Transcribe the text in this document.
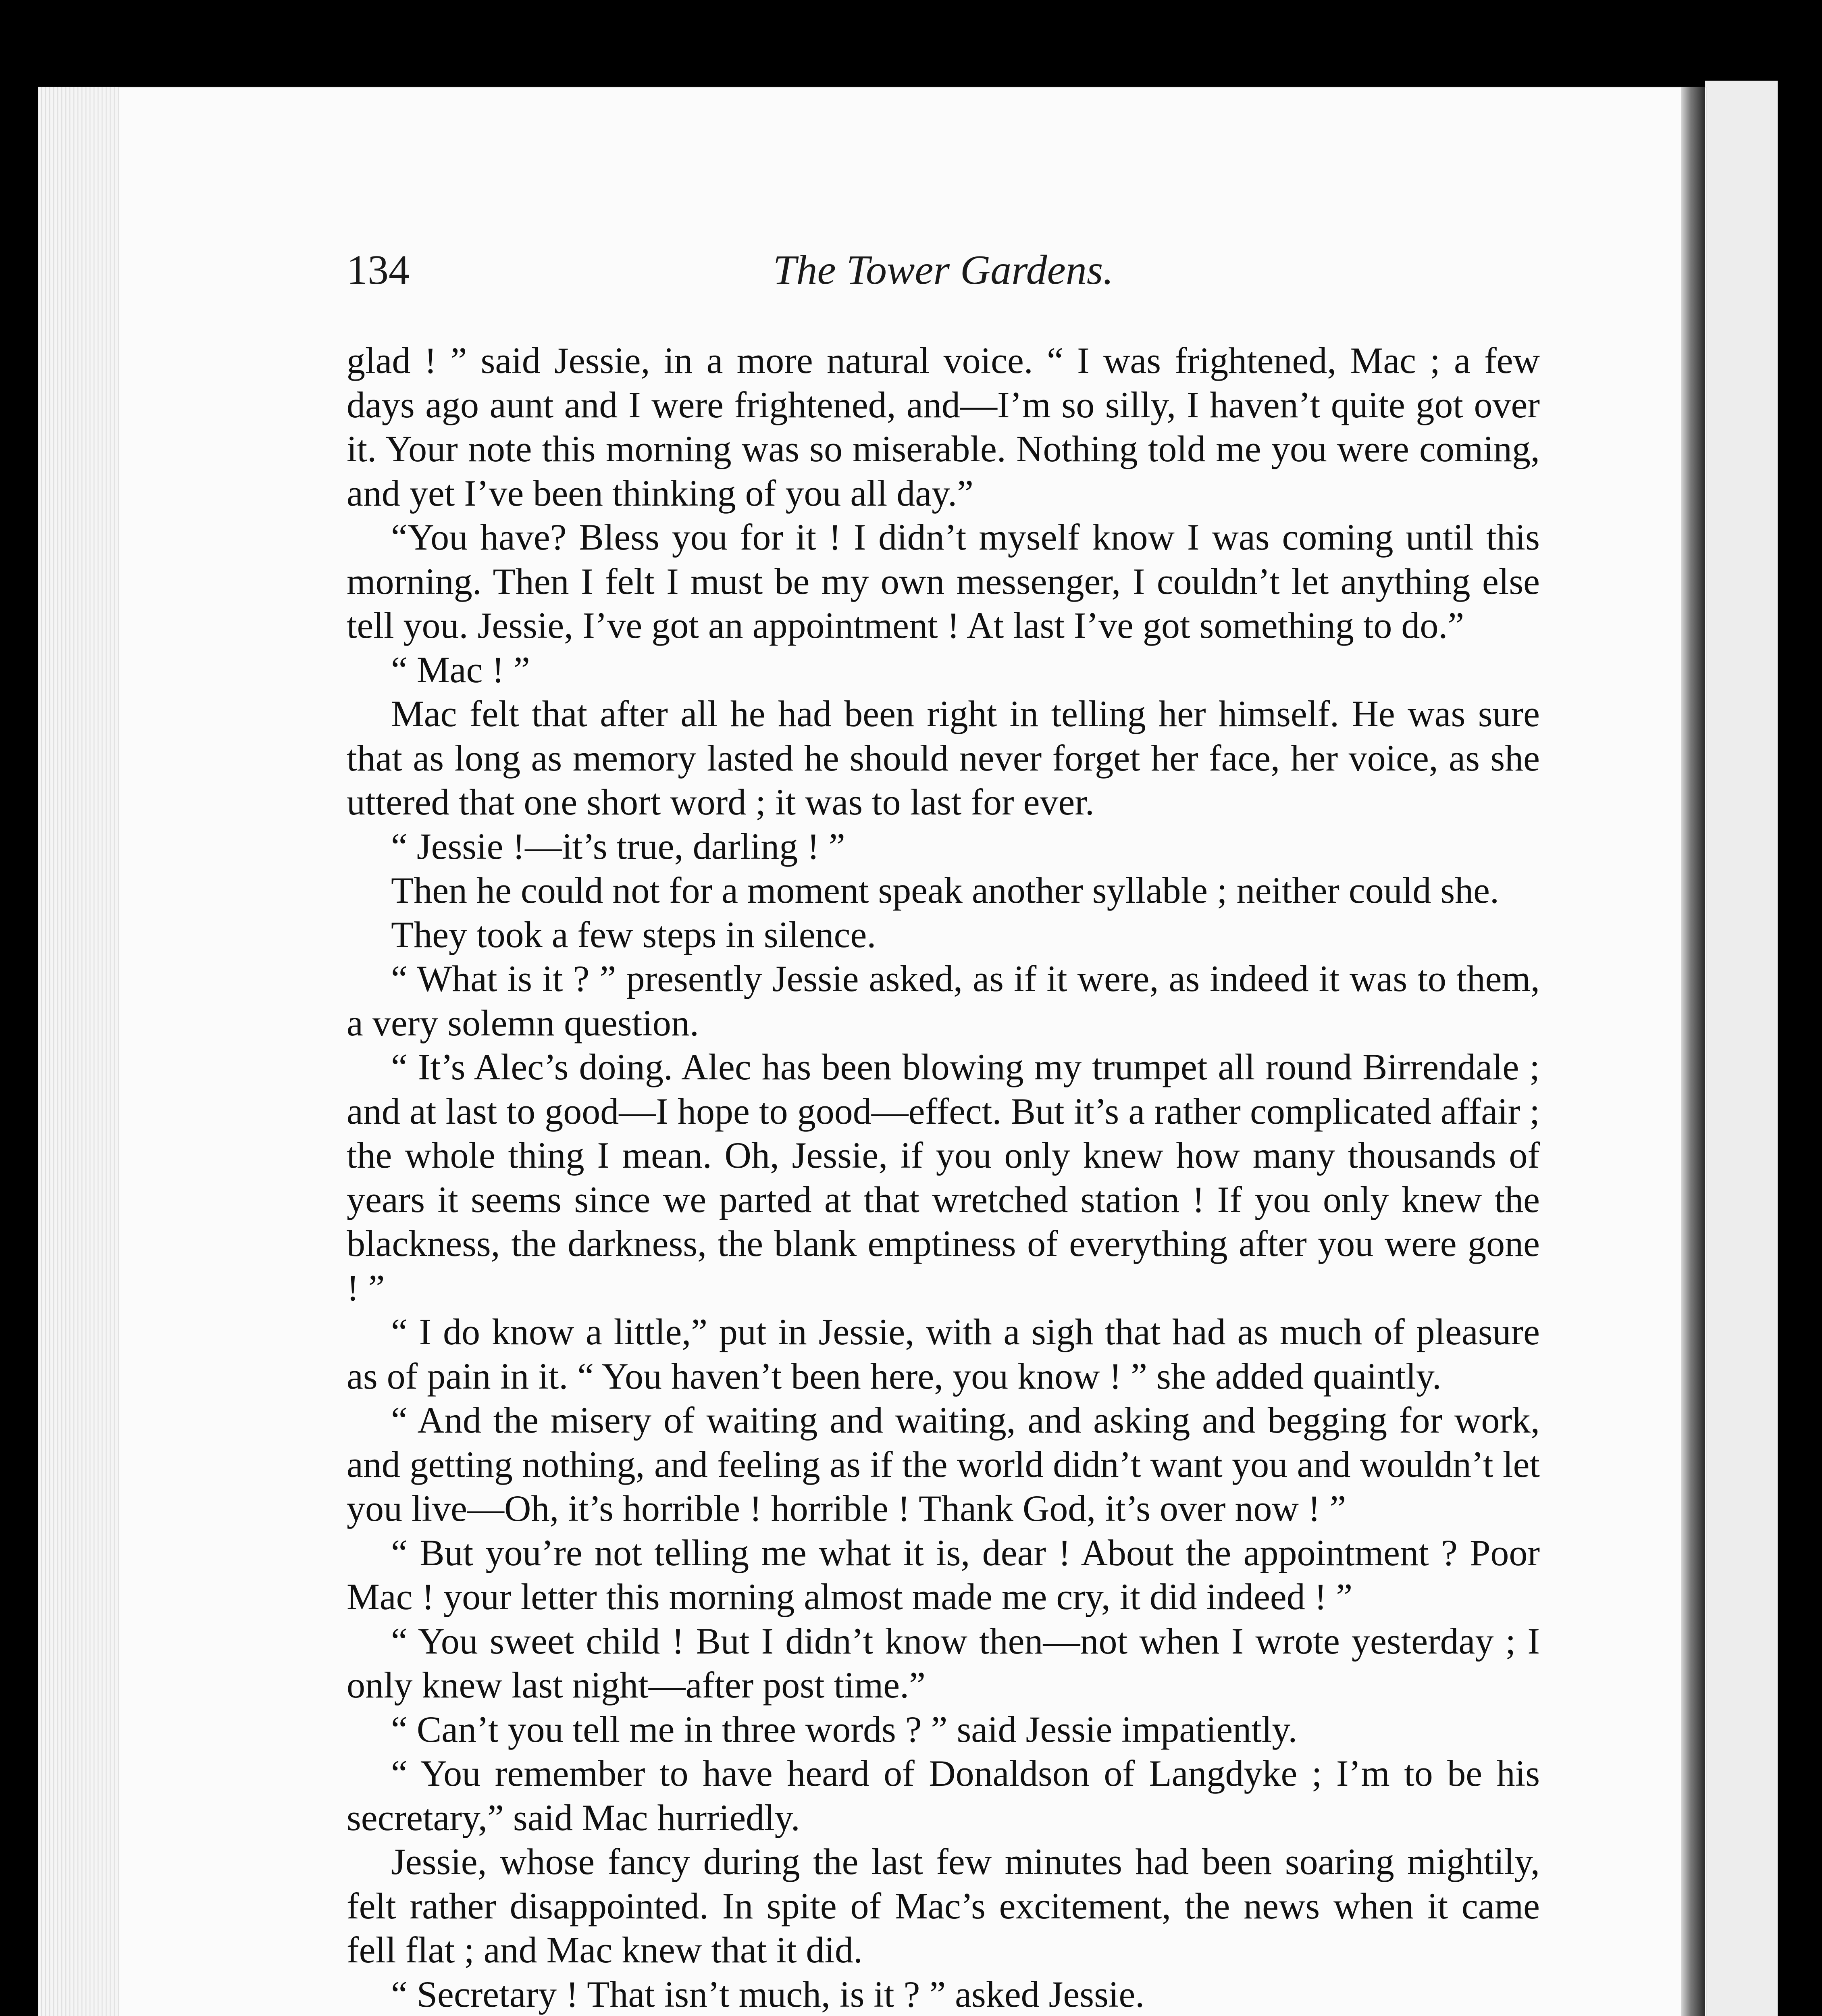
134	The Tower Gardens.

glad ! ” said Jessie, in a more natural voice. “ I was frightened, Mac ; a few days ago aunt and I were frightened, and—I’m so silly, I haven’t quite got over it. Your note this morning was so miserable. Nothing told me you were coming, and yet I’ve been thinking of you all day.”

“You have? Bless you for it ! I didn’t myself know I was coming until this morning. Then I felt I must be my own messenger, I couldn’t let anything else tell you. Jessie, I’ve got an appointment ! At last I’ve got something to do.”

“ Mac ! ”

Mac felt that after all he had been right in telling her himself. He was sure that as long as memory lasted he should never forget her face, her voice, as she uttered that one short word ; it was to last for ever.

“ Jessie !—it’s true, darling ! ”

Then he could not for a moment speak another syllable ; neither could she.

They took a few steps in silence.

“ What is it ? ” presently Jessie asked, as if it were, as indeed it was to them, a very solemn question.

“ It’s Alec’s doing. Alec has been blowing my trumpet all round Birrendale ; and at last to good—I hope to good—effect. But it’s a rather complicated affair ; the whole thing I mean. Oh, Jessie, if you only knew how many thousands of years it seems since we parted at that wretched station ! If you only knew the blackness, the darkness, the blank emptiness of everything after you were gone ! ”

“ I do know a little,” put in Jessie, with a sigh that had as much of pleasure as of pain in it. “ You haven’t been here, you know ! ” she added quaintly.

“ And the misery of waiting and waiting, and asking and begging for work, and getting nothing, and feeling as if the world didn’t want you and wouldn’t let you live—Oh, it’s horrible ! horrible ! Thank God, it’s over now ! ”

“ But you’re not telling me what it is, dear ! About the appointment ? Poor Mac ! your letter this morning almost made me cry, it did indeed ! ”

“ You sweet child ! But I didn’t know then—not when I wrote yesterday ; I only knew last night—after post time.”

“ Can’t you tell me in three words ? ” said Jessie impatiently.

“ You remember to have heard of Donaldson of Langdyke ; I’m to be his secretary,” said Mac hurriedly.

Jessie, whose fancy during the last few minutes had been soaring mightily, felt rather disappointed. In spite of Mac’s excitement, the news when it came fell flat ; and Mac knew that it did.

“ Secretary ! That isn’t much, is it ? ” asked Jessie.
